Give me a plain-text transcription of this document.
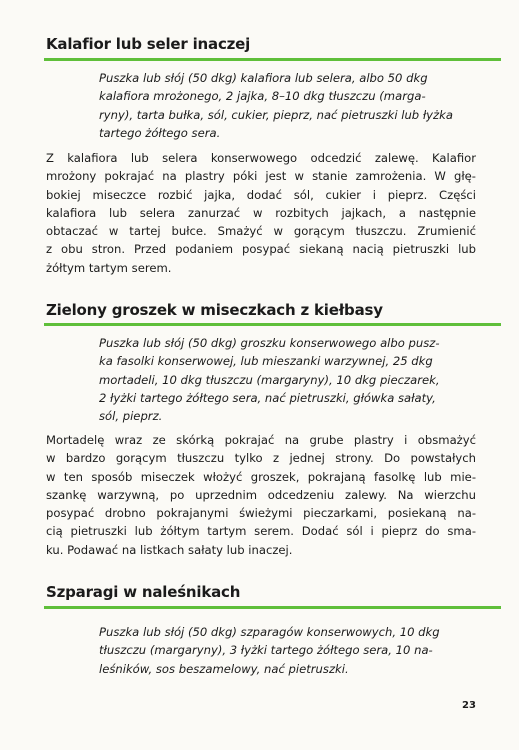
Kalafior lub seler inaczej
Puszka lub słój (50 dkg) kalafiora lub selera, albo 50 dkg
kalafiora mrożonego, 2 jajka, 8–10 dkg tłuszczu (marga-
ryny), tarta bułka, sól, cukier, pieprz, nać pietruszki lub łyżka
tartego żółtego sera.
Z kalafiora lub selera konserwowego odcedzić zalewę. Kalafior
mrożony pokrajać na plastry póki jest w stanie zamrożenia. W głę-
bokiej miseczce rozbić jajka, dodać sól, cukier i pieprz. Części
kalafiora lub selera zanurzać w rozbitych jajkach, a następnie
obtaczać w tartej bułce. Smażyć w gorącym tłuszczu. Zrumienić
z obu stron. Przed podaniem posypać siekaną nacią pietruszki lub
żółtym tartym serem.
Zielony groszek w miseczkach z kiełbasy
Puszka lub słój (50 dkg) groszku konserwowego albo pusz-
ka fasolki konserwowej, lub mieszanki warzywnej, 25 dkg
mortadeli, 10 dkg tłuszczu (margaryny), 10 dkg pieczarek,
2 łyżki tartego żółtego sera, nać pietruszki, główka sałaty,
sól, pieprz.
Mortadelę wraz ze skórką pokrajać na grube plastry i obsmażyć
w bardzo gorącym tłuszczu tylko z jednej strony. Do powstałych
w ten sposób miseczek włożyć groszek, pokrajaną fasolkę lub mie-
szankę warzywną, po uprzednim odcedzeniu zalewy. Na wierzchu
posypać drobno pokrajanymi świeżymi pieczarkami, posiekaną na-
cią pietruszki lub żółtym tartym serem. Dodać sól i pieprz do sma-
ku. Podawać na listkach sałaty lub inaczej.
Szparagi w naleśnikach
Puszka lub słój (50 dkg) szparagów konserwowych, 10 dkg
tłuszczu (margaryny), 3 łyżki tartego żółtego sera, 10 na-
leśników, sos beszamelowy, nać pietruszki.
23
